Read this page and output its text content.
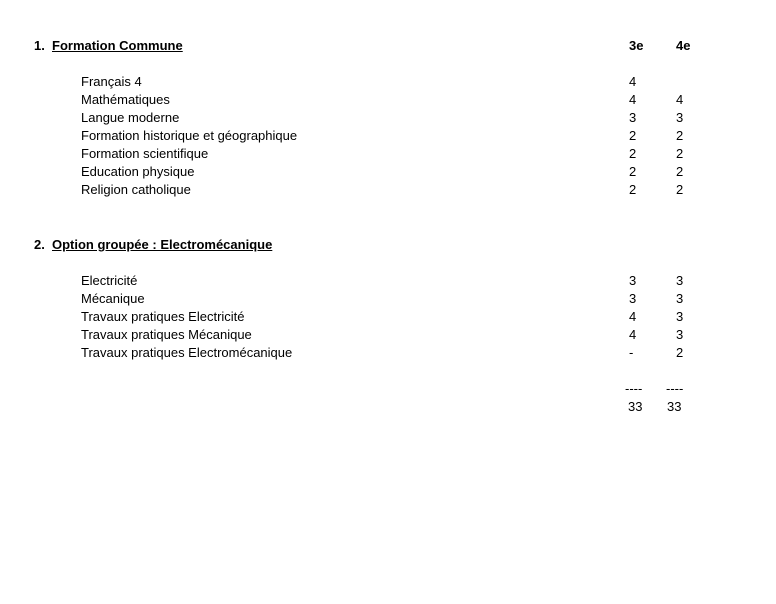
1. Formation Commune	3e	4e
Français 4	4
Mathématiques	4	4
Langue moderne	3	3
Formation historique et géographique	2	2
Formation scientifique	2	2
Education physique	2	2
Religion catholique	2	2
2. Option groupée : Electromécanique
Electricité	3	3
Mécanique	3	3
Travaux pratiques Electricité	4	3
Travaux pratiques Mécanique	4	3
Travaux pratiques Electromécanique	-	2
---- ----
33 33
